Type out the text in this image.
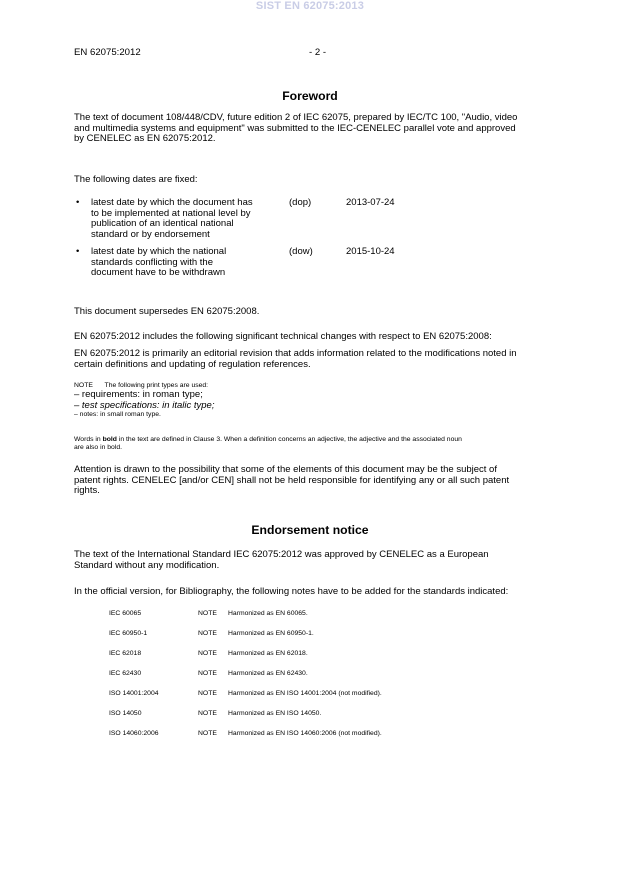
SIST EN 62075:2013
EN 62075:2012	- 2 -
Foreword
The text of document 108/448/CDV, future edition 2 of IEC 62075, prepared by IEC/TC 100, "Audio, video
and multimedia systems and equipment" was submitted to the IEC-CENELEC parallel vote and approved
by CENELEC as EN 62075:2012.
The following dates are fixed:
• latest date by which the document has
to be implemented at national level by
publication of an identical national
standard or by endorsement
(dop)	2013-07-24
• latest date by which the national
standards conflicting with the
document have to be withdrawn
(dow)	2015-10-24
This document supersedes EN 62075:2008.
EN 62075:2012 includes the following significant technical changes with respect to EN 62075:2008:
EN 62075:2012 is primarily an editorial revision that adds information related to the modifications noted in
certain definitions and updating of regulation references.
NOTE The following print types are used:
– requirements: in roman type;
– test specifications: in italic type;
– notes: in small roman type.
Words in bold in the text are defined in Clause 3. When a definition concerns an adjective, the adjective and the associated noun
are also in bold.
Attention is drawn to the possibility that some of the elements of this document may be the subject of
patent rights. CENELEC [and/or CEN] shall not be held responsible for identifying any or all such patent
rights.
Endorsement notice
The text of the International Standard IEC 62075:2012 was approved by CENELEC as a European
Standard without any modification.
In the official version, for Bibliography, the following notes have to be added for the standards indicated:
IEC 60065	NOTE Harmonized as EN 60065.
IEC 60950-1	NOTE Harmonized as EN 60950-1.
IEC 62018	NOTE Harmonized as EN 62018.
IEC 62430	NOTE Harmonized as EN 62430.
ISO 14001:2004	NOTE Harmonized as EN ISO 14001:2004 (not modified).
ISO 14050	NOTE Harmonized as EN ISO 14050.
ISO 14060:2006	NOTE Harmonized as EN ISO 14060:2006 (not modified).
